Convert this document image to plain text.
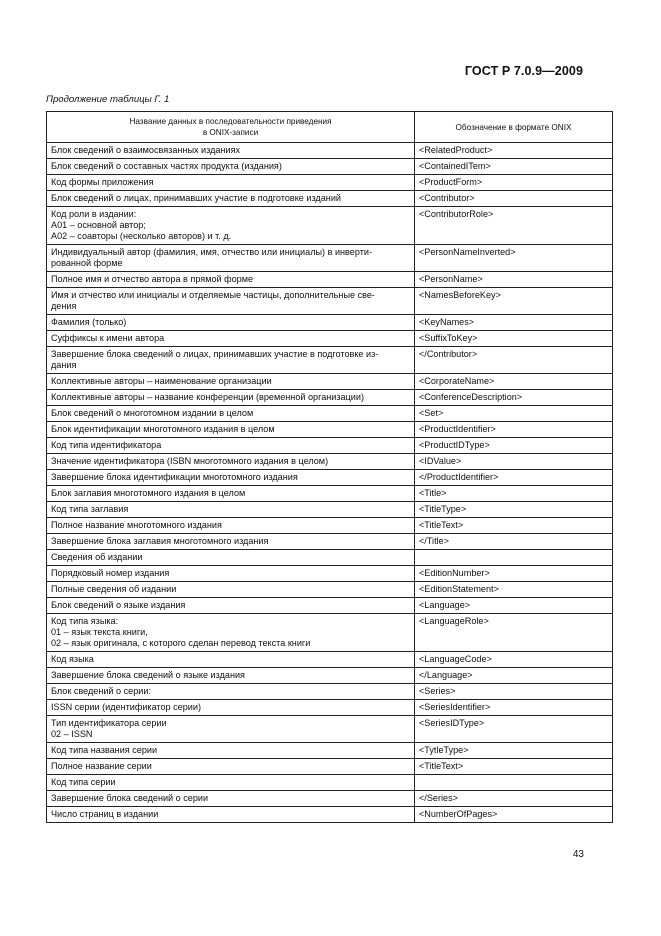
ГОСТ Р 7.0.9—2009
Продолжение таблицы Г. 1
Название данных в последовательности приведения
в ONIX-записи	Обозначение в формате ONIX
Блок сведений о взаимосвязанных изданиях	<RelatedProduct>
Блок сведений о составных частях продукта (издания)	<ContainedITem>
Код формы приложения	<ProductForm>
Блок сведений о лицах, принимавших участие в подготовке изданий	<Contributor>
Код роли в издании:
А01 – основной автор;
А02 – соавторы (несколько авторов) и т. д.	<ContributorRole>
Индивидуальный автор (фамилия, имя, отчество или инициалы) в инверти-
рованной форме	<PersonNameInverted>
Полное имя и отчество автора в прямой форме	<PersonName>
Имя и отчество или инициалы и отделяемые частицы, дополнительные све-
дения	<NamesBeforeKey>
Фамилия (только)	<KeyNames>
Суффиксы к имени автора	<SuffixToKey>
Завершение блока сведений о лицах, принимавших участие в подготовке из-
дания	</Contributor>
Коллективные авторы – наименование организации	<CorporateName>
Коллективные авторы – название конференции (временной организации)	<ConferenceDescription>
Блок сведений о многотомном издании в целом	<Set>
Блок идентификации многотомного издания в целом	<ProductIdentifier>
Код типа идентификатора	<ProductIDType>
Значение идентификатора (ISBN многотомного издания в целом)	<IDValue>
Завершение блока идентификации многотомного издания	</ProductIdentifier>
Блок заглавия многотомного издания в целом	<Title>
Код типа заглавия	<TitleType>
Полное название многотомного издания	<TitleText>
Завершение блока заглавия многотомного издания	</Title>
Сведения об издании	
Порядковый номер издания	<EditionNumber>
Полные сведения об издании	<EditionStatement>
Блок сведений о языке издания	<Language>
Код типа языка:
01 – язык текста книги,
02 – язык оригинала, с которого сделан перевод текста книги	<LanguageRole>
Код языка	<LanguageCode>
Завершение блока сведений о языке издания	</Language>
Блок сведений о серии:	<Series>
ISSN серии (идентификатор серии)	<SeriesIdentifier>
Тип идентификатора серии
02 – ISSN	<SeriesIDType>
Код типа названия серии	<TytleType>
Полное название серии	<TitleText>
Код типа серии	
Завершение блока сведений о серии	</Series>
Число страниц в издании	<NumberOfPages>
43
